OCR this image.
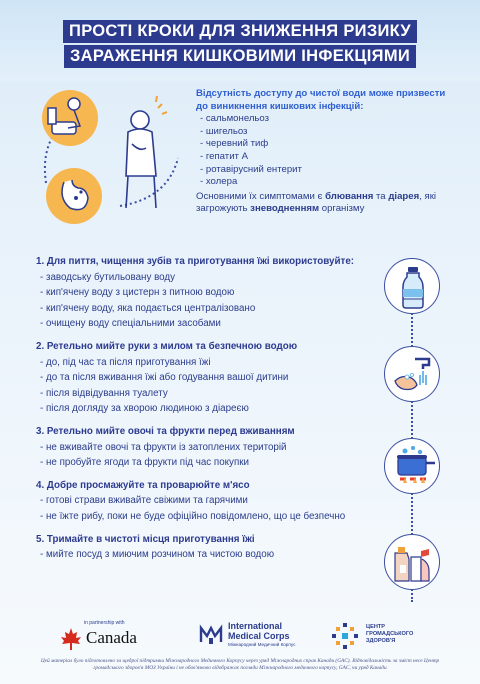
ПРОСТІ КРОКИ ДЛЯ ЗНИЖЕННЯ РИЗИКУ
ЗАРАЖЕННЯ КИШКОВИМИ ІНФЕКЦІЯМИ
Відсутність доступу до чистої води може призвести до виникнення кишкових інфекцій:
- сальмонельоз
- шигельоз
- черевний тиф
- гепатит А
- ротавірусний ентерит
- холера
Основними їх симптомами є блювання та діарея, які загрожують зневодненням організму
1. Для пиття, чищення зубів та приготування їжі використовуйте:
- заводську бутильовану воду
- кип'ячену воду з цистерн з питною водою
- кип'ячену воду, яка подається централізовано
- очищену воду спеціальними засобами
2. Ретельно мийте руки з милом та безпечною водою
- до, під час та після приготування їжі
- до та після вживання їжі або годування вашої дитини
- після відвідування туалету
- після догляду за хворою людиною з діареєю
3. Ретельно мийте овочі та фрукти перед вживанням
- не вживайте овочі та фрукти із затоплених територій
- не пробуйте ягоди та фрукти під час покупки
4. Добре просмажуйте та проварюйте м'ясо
- готові страви вживайте свіжими та гарячими
- не їжте рибу, поки не буде офіційно повідомлено, що це безпечно
5. Тримайте в чистоті місця приготування їжі
- мийте посуд з миючим розчином та чистою водою
in partnership with
Canada
International
Medical Corps
Міжнародний Медичний Корпус
ЦЕНТР
ГРОМАДСЬКОГО
ЗДОРОВ'Я
Цей матеріал було підготовлено за щедрої підтримки Міжнародного Медичного Корпусу через уряд Міжнародних справ Канади (GAC). Відповідальність за зміст несе Центр громадського здоров'я МОЗ України і не обов'язково відображає погляди Міжнародного медичного корпусу, GAC, чи уряд Канади
